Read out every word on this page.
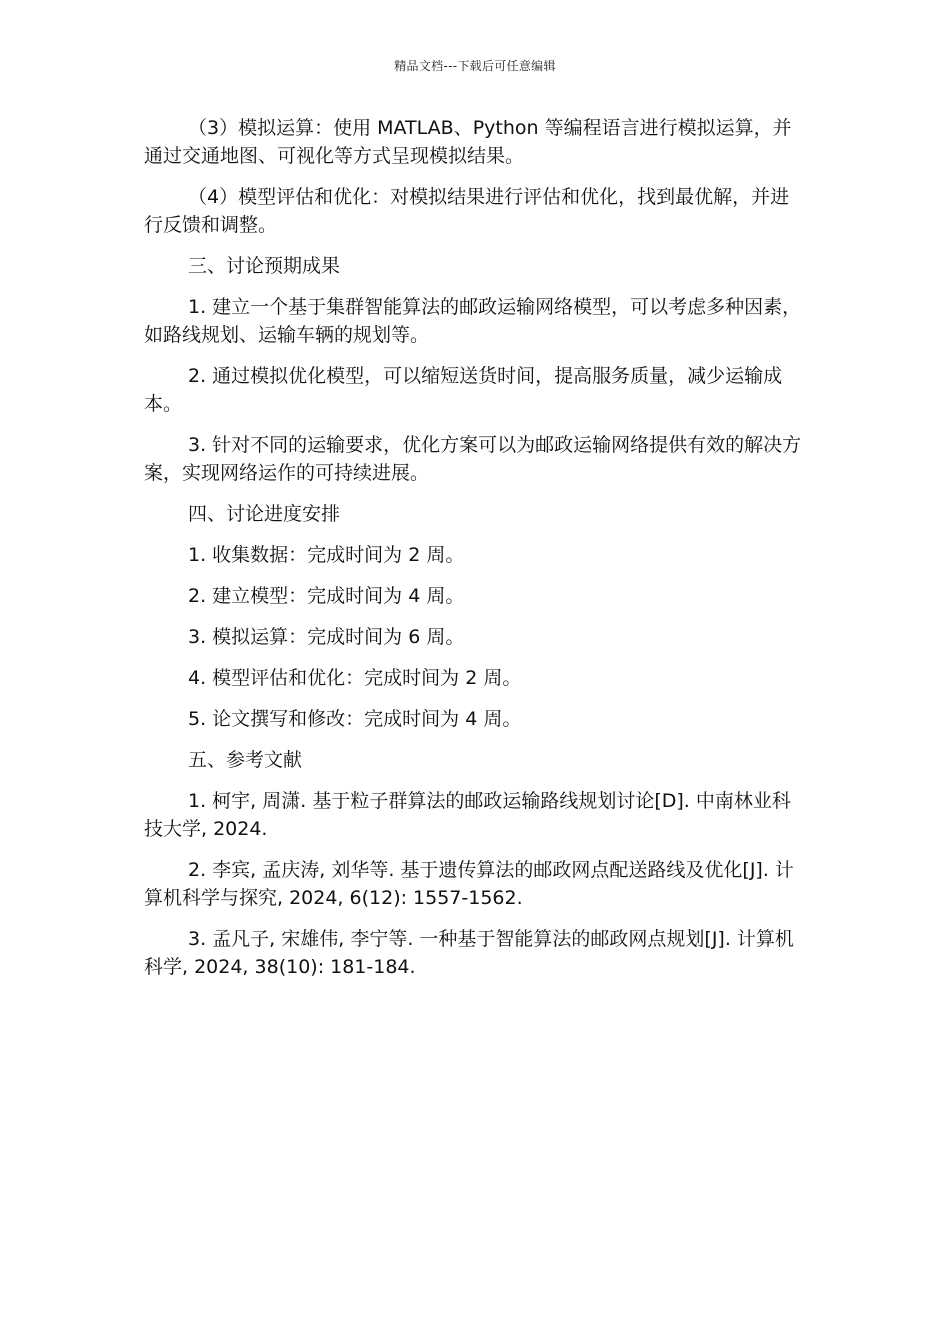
精品文档---下载后可任意编辑

（3）模拟运算：使用 MATLAB、Python 等编程语言进行模拟运算，并通过交通地图、可视化等方式呈现模拟结果。

（4）模型评估和优化：对模拟结果进行评估和优化，找到最优解，并进行反馈和调整。

三、讨论预期成果

1. 建立一个基于集群智能算法的邮政运输网络模型，可以考虑多种因素，如路线规划、运输车辆的规划等。

2. 通过模拟优化模型，可以缩短送货时间，提高服务质量，减少运输成本。

3. 针对不同的运输要求，优化方案可以为邮政运输网络提供有效的解决方案，实现网络运作的可持续进展。

四、讨论进度安排

1. 收集数据：完成时间为 2 周。

2. 建立模型：完成时间为 4 周。

3. 模拟运算：完成时间为 6 周。

4. 模型评估和优化：完成时间为 2 周。

5. 论文撰写和修改：完成时间为 4 周。

五、参考文献

1. 柯宇, 周潇. 基于粒子群算法的邮政运输路线规划讨论[D]. 中南林业科技大学, 2024.

2. 李宾, 孟庆涛, 刘华等. 基于遗传算法的邮政网点配送路线及优化[J]. 计算机科学与探究, 2024, 6(12): 1557-1562.

3. 孟凡子, 宋雄伟, 李宁等. 一种基于智能算法的邮政网点规划[J]. 计算机科学, 2024, 38(10): 181-184.
